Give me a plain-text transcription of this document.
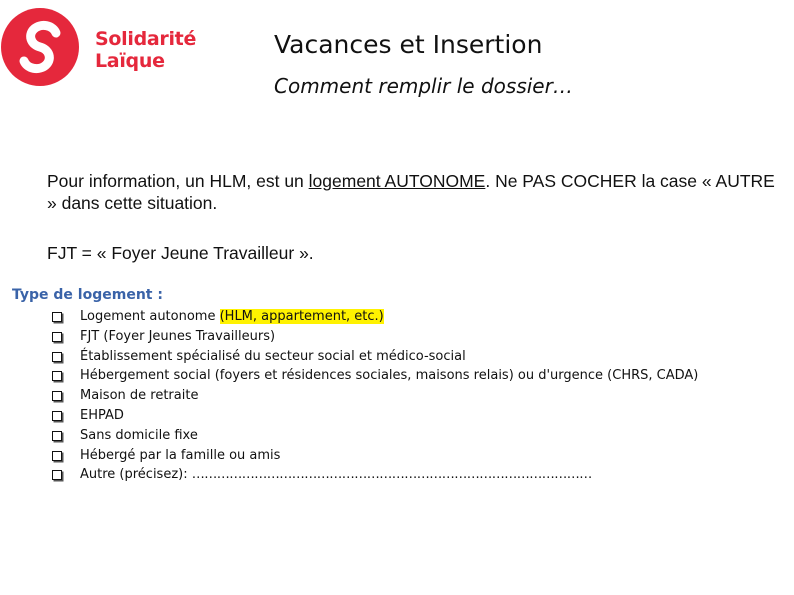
Solidarité
Laïque
Vacances et Insertion
Comment remplir le dossier…

Pour information, un HLM, est un logement AUTONOME. Ne PAS COCHER la case « AUTRE » dans cette situation.

FJT = « Foyer Jeune Travailleur ».
Type de logement :
Logement autonome (HLM, appartement, etc.)
FJT (Foyer Jeunes Travailleurs)
Établissement spécialisé du secteur social et médico-social
Hébergement social (foyers et résidences sociales, maisons relais) ou d'urgence (CHRS, CADA)
Maison de retraite
EHPAD
Sans domicile fixe
Hébergé par la famille ou amis
Autre (précisez): ……………………………………………………………………………………
